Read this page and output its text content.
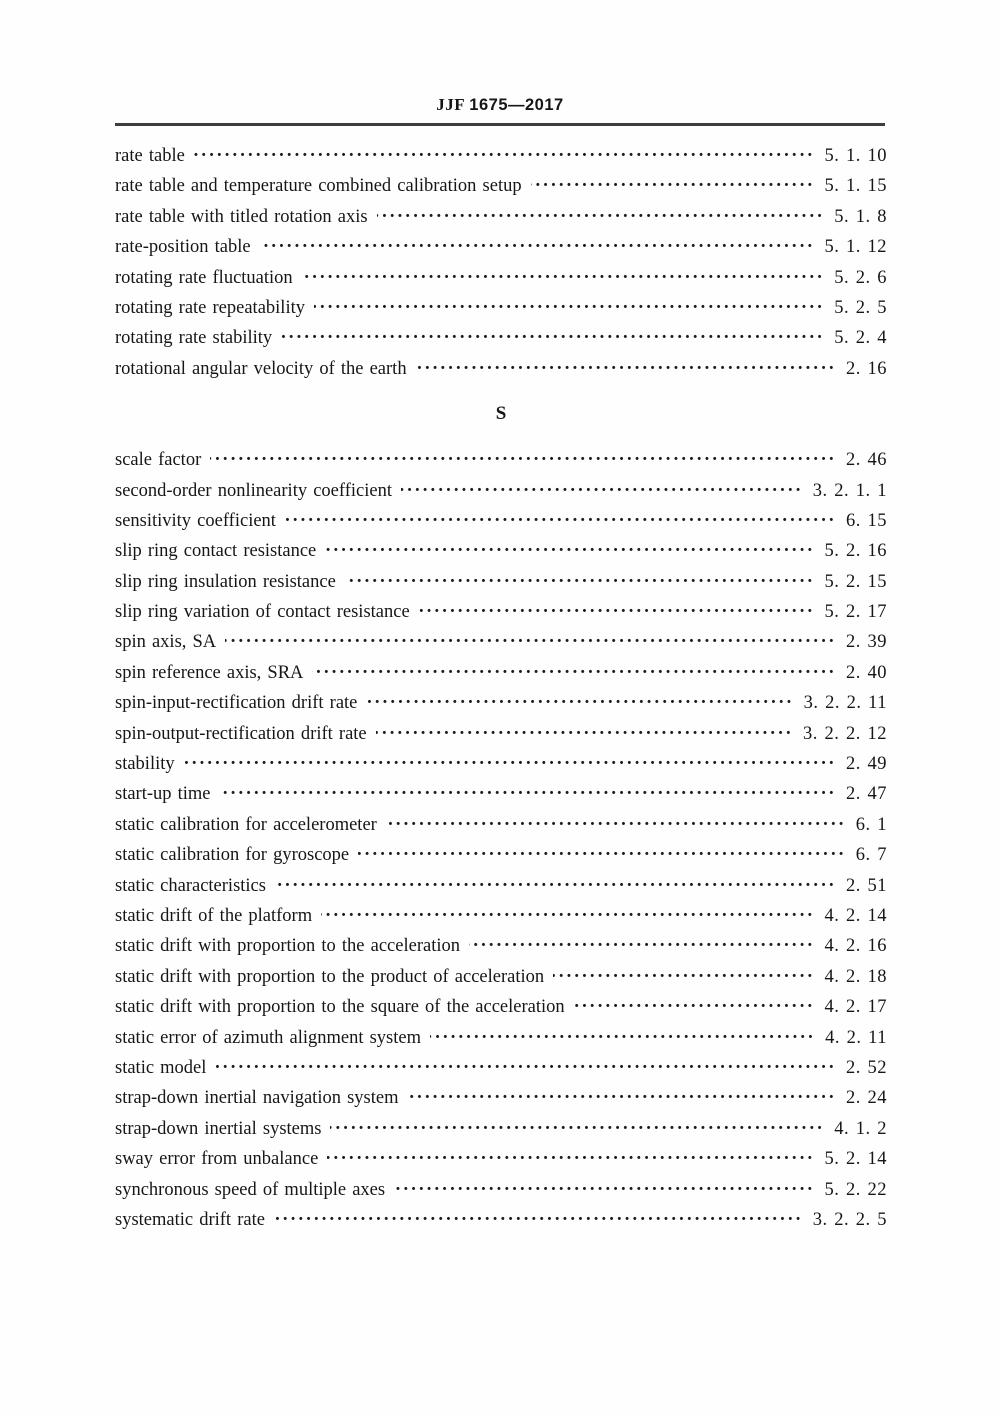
JJF 1675—2017
rate table ·····	5. 1. 10
rate table and temperature combined calibration setup ·····	5. 1. 15
rate table with titled rotation axis ·····	5. 1. 8
rate-position table ·····	5. 1. 12
rotating rate fluctuation ·····	5. 2. 6
rotating rate repeatability ·····	5. 2. 5
rotating rate stability ·····	5. 2. 4
rotational angular velocity of the earth ·····	2. 16
S
scale factor ·····	2. 46
second-order nonlinearity coefficient ·····	3. 2. 1. 1
sensitivity coefficient ·····	6. 15
slip ring contact resistance ·····	5. 2. 16
slip ring insulation resistance ·····	5. 2. 15
slip ring variation of contact resistance ·····	5. 2. 17
spin axis, SA ·····	2. 39
spin reference axis, SRA ·····	2. 40
spin-input-rectification drift rate ·····	3. 2. 2. 11
spin-output-rectification drift rate ·····	3. 2. 2. 12
stability ·····	2. 49
start-up time ·····	2. 47
static calibration for accelerometer ·····	6. 1
static calibration for gyroscope ·····	6. 7
static characteristics ·····	2. 51
static drift of the platform ·····	4. 2. 14
static drift with proportion to the acceleration ·····	4. 2. 16
static drift with proportion to the product of acceleration ·····	4. 2. 18
static drift with proportion to the square of the acceleration ·····	4. 2. 17
static error of azimuth alignment system ·····	4. 2. 11
static model ·····	2. 52
strap-down inertial navigation system ·····	2. 24
strap-down inertial systems ·····	4. 1. 2
sway error from unbalance ·····	5. 2. 14
synchronous speed of multiple axes ·····	5. 2. 22
systematic drift rate ·····	3. 2. 2. 5
